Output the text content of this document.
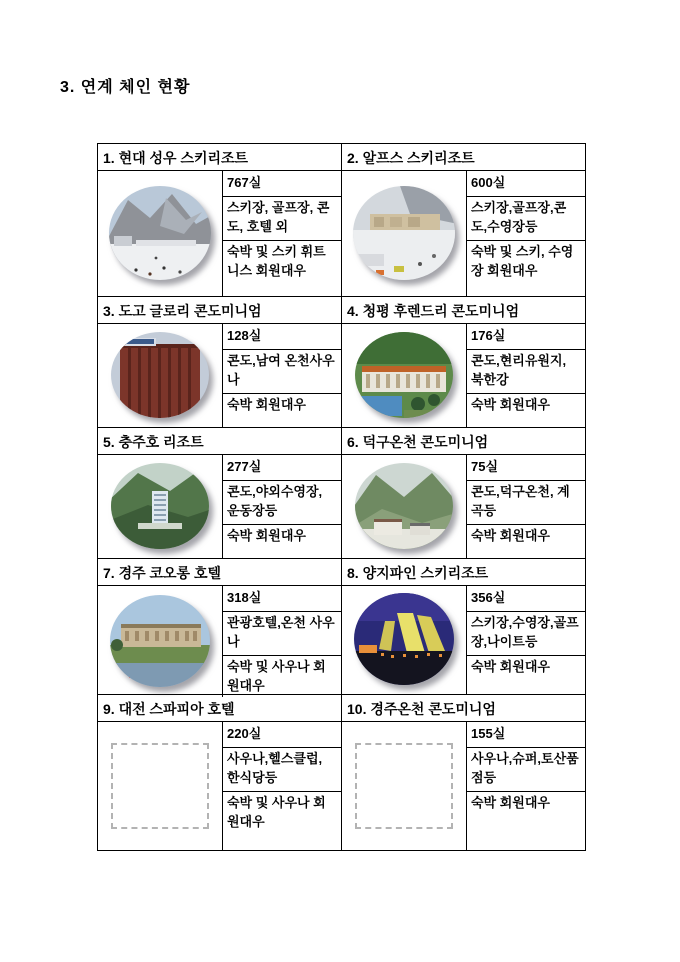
3. 연계 체인 현황
1. 현대 성우 스키리조트
767실
스키장, 골프장, 콘도, 호텔 외
숙박 및 스키 휘트니스 회원대우
2. 알프스 스키리조트
600실
스키장,골프장,콘도,수영장등
숙박 및 스키, 수영장 회원대우
3. 도고 글로리 콘도미니엄
128실
콘도,남여 온천사우나
숙박 회원대우
4. 청평 후렌드리 콘도미니엄
176실
콘도,현리유원지, 북한강
숙박 회원대우
5. 충주호 리조트
277실
콘도,야외수영장, 운동장등
숙박 회원대우
6. 덕구온천 콘도미니엄
75실
콘도,덕구온천, 계곡등
숙박 회원대우
7. 경주 코오롱 호텔
318실
관광호텔,온천 사우나
숙박 및 사우나 회원대우
8. 양지파인 스키리조트
356실
스키장,수영장,골프장,나이트등
숙박 회원대우
9. 대전 스파피아 호텔
220실
사우나,헬스클럽, 한식당등
숙박 및 사우나 회원대우
10. 경주온천 콘도미니엄
155실
사우나,슈퍼,토산품점등
숙박 회원대우
